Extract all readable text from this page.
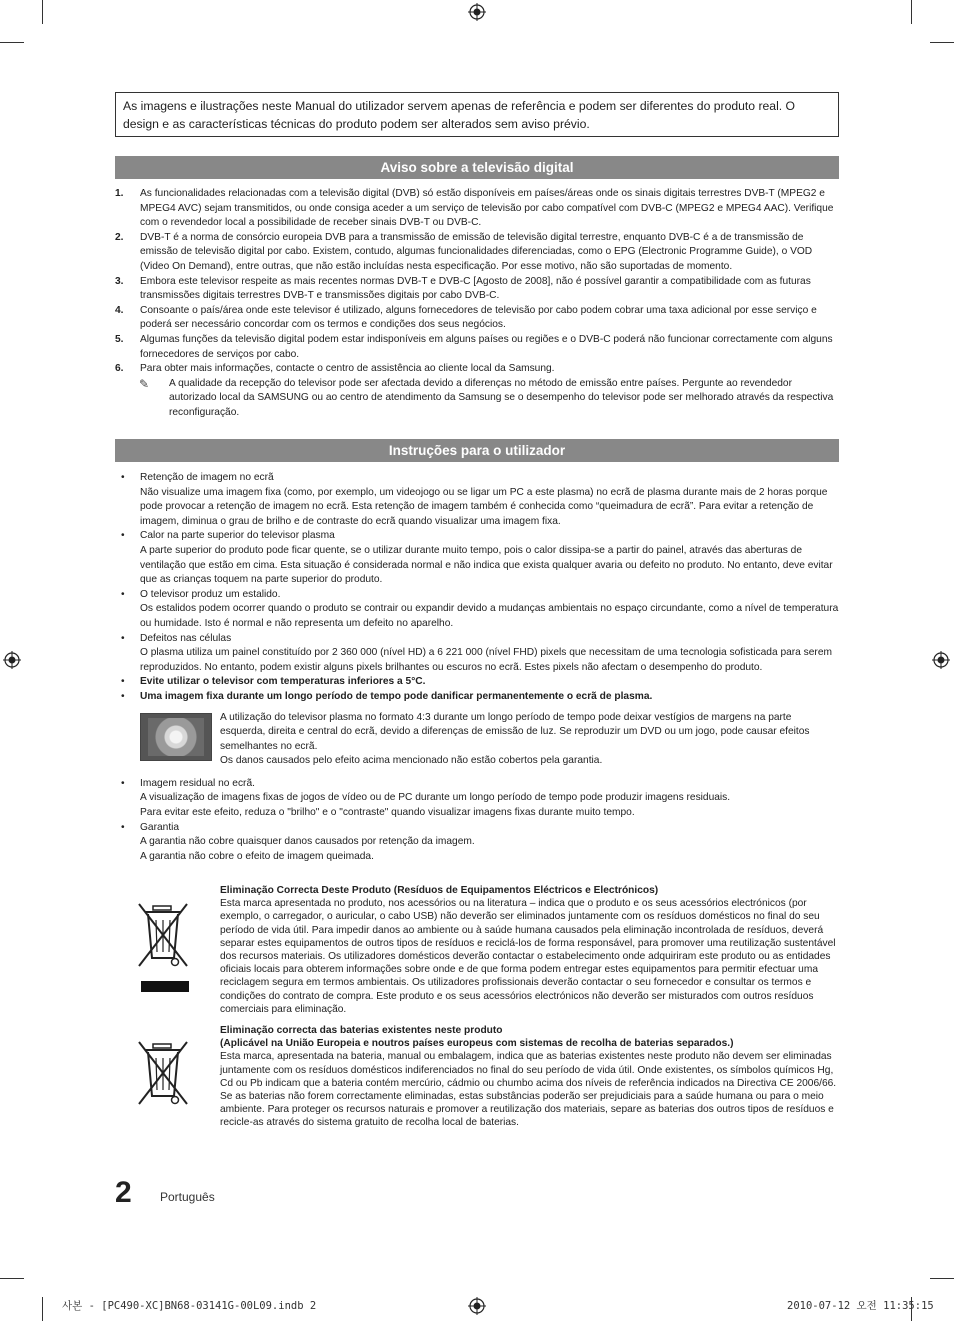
As imagens e ilustrações neste Manual do utilizador servem apenas de referência e podem ser diferentes do produto real. O design e as características técnicas do produto podem ser alterados sem aviso prévio.
Aviso sobre a televisão digital
1. As funcionalidades relacionadas com a televisão digital (DVB) só estão disponíveis em países/áreas onde os sinais digitais terrestres DVB-T (MPEG2 e MPEG4 AVC) sejam transmitidos, ou onde consiga aceder a um serviço de televisão por cabo compatível com DVB-C (MPEG2 e MPEG4 AAC). Verifique com o revendedor local a possibilidade de receber sinais DVB-T ou DVB-C.
2. DVB-T é a norma de consórcio europeia DVB para a transmissão de emissão de televisão digital terrestre, enquanto DVB-C é a de transmissão de emissão de televisão digital por cabo. Existem, contudo, algumas funcionalidades diferenciadas, como o EPG (Electronic Programme Guide), o VOD (Video On Demand), entre outras, que não estão incluídas nesta especificação. Por esse motivo, não são suportadas de momento.
3. Embora este televisor respeite as mais recentes normas DVB-T e DVB-C [Agosto de 2008], não é possível garantir a compatibilidade com as futuras transmissões digitais terrestres DVB-T e transmissões digitais por cabo DVB-C.
4. Consoante o país/área onde este televisor é utilizado, alguns fornecedores de televisão por cabo podem cobrar uma taxa adicional por esse serviço e poderá ser necessário concordar com os termos e condições dos seus negócios.
5. Algumas funções da televisão digital podem estar indisponíveis em alguns países ou regiões e o DVB-C poderá não funcionar correctamente com alguns fornecedores de serviços por cabo.
6. Para obter mais informações, contacte o centro de assistência ao cliente local da Samsung.
✎ A qualidade da recepção do televisor pode ser afectada devido a diferenças no método de emissão entre países. Pergunte ao revendedor autorizado local da SAMSUNG ou ao centro de atendimento da Samsung se o desempenho do televisor pode ser melhorado através da respectiva reconfiguração.
Instruções para o utilizador
• Retenção de imagem no ecrã
Não visualize uma imagem fixa (como, por exemplo, um videojogo ou se ligar um PC a este plasma) no ecrã de plasma durante mais de 2 horas porque pode provocar a retenção de imagem no ecrã. Esta retenção de imagem também é conhecida como “queimadura de ecrã”. Para evitar a retenção de imagem, diminua o grau de brilho e de contraste do ecrã quando visualizar uma imagem fixa.
• Calor na parte superior do televisor plasma
A parte superior do produto pode ficar quente, se o utilizar durante muito tempo, pois o calor dissipa-se a partir do painel, através das aberturas de ventilação que estão em cima. Esta situação é considerada normal e não indica que exista qualquer avaria ou defeito no produto. No entanto, deve evitar que as crianças toquem na parte superior do produto.
• O televisor produz um estalido.
Os estalidos podem ocorrer quando o produto se contrair ou expandir devido a mudanças ambientais no espaço circundante, como a nível de temperatura ou humidade. Isto é normal e não representa um defeito no aparelho.
• Defeitos nas células
O plasma utiliza um painel constituído por 2 360 000 (nível HD) a 6 221 000 (nível FHD) pixels que necessitam de uma tecnologia sofisticada para serem reproduzidos. No entanto, podem existir alguns pixels brilhantes ou escuros no ecrã. Estes pixels não afectam o desempenho do produto.
• Evite utilizar o televisor com temperaturas inferiores a 5°C.
• Uma imagem fixa durante um longo período de tempo pode danificar permanentemente o ecrã de plasma.
A utilização do televisor plasma no formato 4:3 durante um longo período de tempo pode deixar vestígios de margens na parte esquerda, direita e central do ecrã, devido a diferenças de emissão de luz. Se reproduzir um DVD ou um jogo, pode causar efeitos semelhantes no ecrã.
Os danos causados pelo efeito acima mencionado não estão cobertos pela garantia.
• Imagem residual no ecrã.
A visualização de imagens fixas de jogos de vídeo ou de PC durante um longo período de tempo pode produzir imagens residuais.
Para evitar este efeito, reduza o "brilho" e o "contraste" quando visualizar imagens fixas durante muito tempo.
• Garantia
A garantia não cobre quaisquer danos causados por retenção da imagem.
A garantia não cobre o efeito de imagem queimada.
Eliminação Correcta Deste Produto (Resíduos de Equipamentos Eléctricos e Electrónicos)
Esta marca apresentada no produto, nos acessórios ou na literatura – indica que o produto e os seus acessórios electrónicos (por exemplo, o carregador, o auricular, o cabo USB) não deverão ser eliminados juntamente com os resíduos domésticos no final do seu período de vida útil. Para impedir danos ao ambiente ou à saúde humana causados pela eliminação incontrolada de resíduos, deverá separar estes equipamentos de outros tipos de resíduos e reciclá-los de forma responsável, para promover uma reutilização sustentável dos recursos materiais. Os utilizadores domésticos deverão contactar o estabelecimento onde adquiriram este produto ou as entidades oficiais locais para obterem informações sobre onde e de que forma podem entregar estes equipamentos para permitir efectuar uma reciclagem segura em termos ambientais. Os utilizadores profissionais deverão contactar o seu fornecedor e consultar os termos e condições do contrato de compra. Este produto e os seus acessórios electrónicos não deverão ser misturados com outros resíduos comerciais para eliminação.
Eliminação correcta das baterias existentes neste produto
(Aplicável na União Europeia e noutros países europeus com sistemas de recolha de baterias separados.)
Esta marca, apresentada na bateria, manual ou embalagem, indica que as baterias existentes neste produto não devem ser eliminadas juntamente com os resíduos domésticos indiferenciados no final do seu período de vida útil. Onde existentes, os símbolos químicos Hg, Cd ou Pb indicam que a bateria contém mercúrio, cádmio ou chumbo acima dos níveis de referência indicados na Directiva CE 2006/66. Se as baterias não forem correctamente eliminadas, estas substâncias poderão ser prejudiciais para a saúde humana ou para o meio ambiente. Para proteger os recursos naturais e promover a reutilização dos materiais, separe as baterias dos outros tipos de resíduos e recicle-as através do sistema gratuito de recolha local de baterias.
2 Português
사본 - [PC490-XC]BN68-03141G-00L09.indb 2	2010-07-12 오전 11:35:15
